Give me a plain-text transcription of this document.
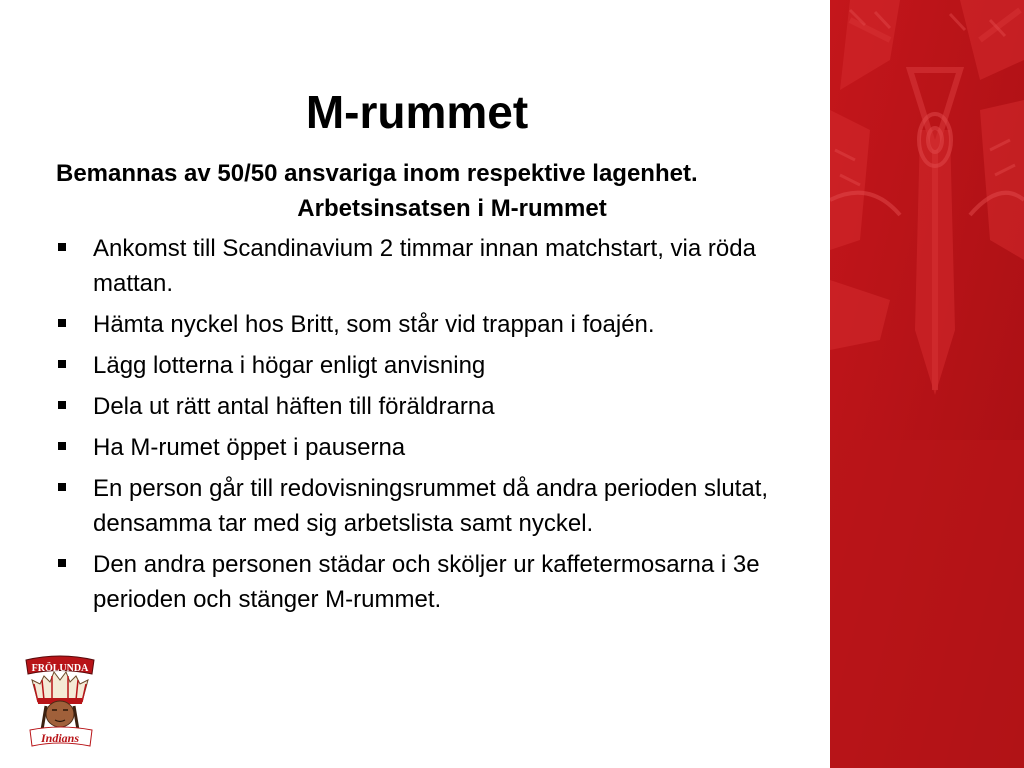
M-rummet

Bemannas av 50/50 ansvariga inom respektive lagenhet.

Arbetsinsatsen i M-rummet

Ankomst till Scandinavium 2 timmar innan matchstart, via röda mattan.
Hämta nyckel hos Britt, som står vid trappan i foajén.
Lägg lotterna i högar enligt anvisning
Dela ut rätt antal häften till föräldrarna
Ha M-rumet öppet i pauserna
En person går till redovisningsrummet då andra perioden slutat, densamma tar med sig arbetslista samt nyckel.
Den andra personen städar och sköljer ur kaffetermosarna i 3e perioden och stänger M-rummet.
FRÖLUNDA
Indians
